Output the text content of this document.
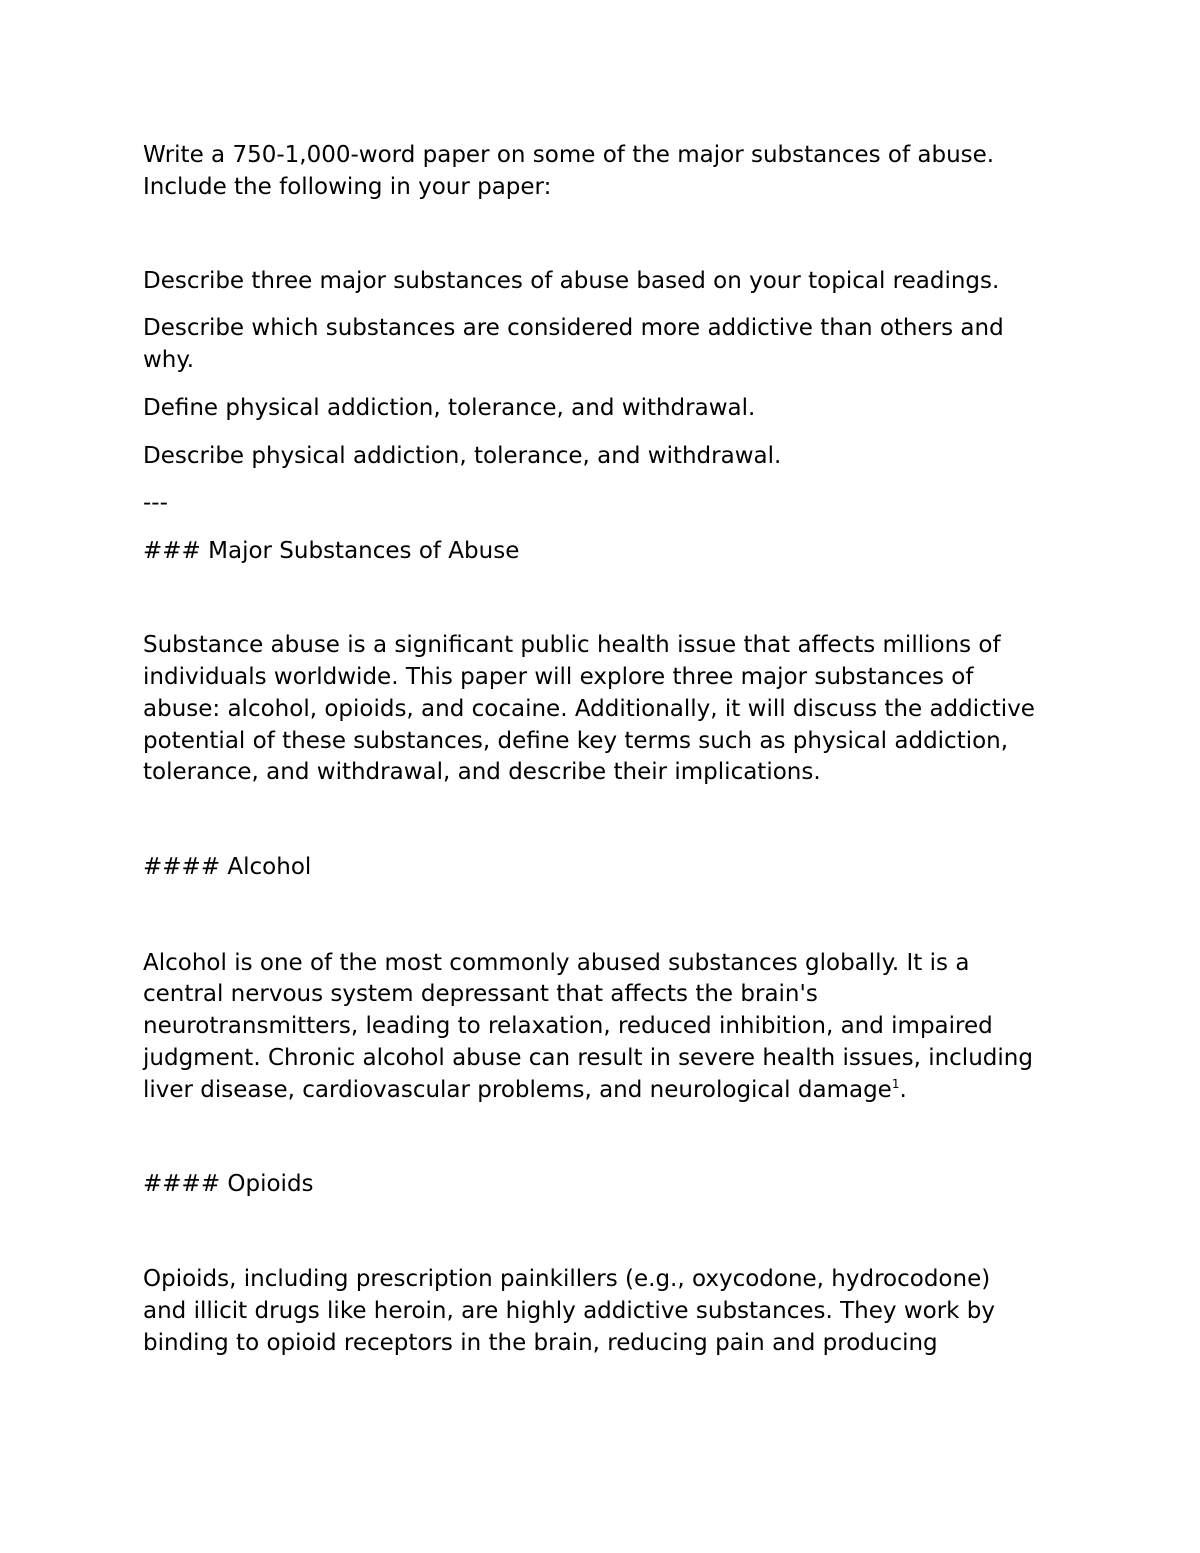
Write a 750-1,000-word paper on some of the major substances of abuse.

Include the following in your paper:

Describe three major substances of abuse based on your topical readings.

Describe which substances are considered more addictive than others and

why.

Define physical addiction, tolerance, and withdrawal.

Describe physical addiction, tolerance, and withdrawal.

---

### Major Substances of Abuse

Substance abuse is a significant public health issue that affects millions of

individuals worldwide. This paper will explore three major substances of

abuse: alcohol, opioids, and cocaine. Additionally, it will discuss the addictive

potential of these substances, define key terms such as physical addiction,

tolerance, and withdrawal, and describe their implications.

#### Alcohol

Alcohol is one of the most commonly abused substances globally. It is a

central nervous system depressant that affects the brain's

neurotransmitters, leading to relaxation, reduced inhibition, and impaired

judgment. Chronic alcohol abuse can result in severe health issues, including

liver disease, cardiovascular problems, and neurological damage$^1$.

#### Opioids

Opioids, including prescription painkillers (e.g., oxycodone, hydrocodone)

and illicit drugs like heroin, are highly addictive substances. They work by

binding to opioid receptors in the brain, reducing pain and producing
